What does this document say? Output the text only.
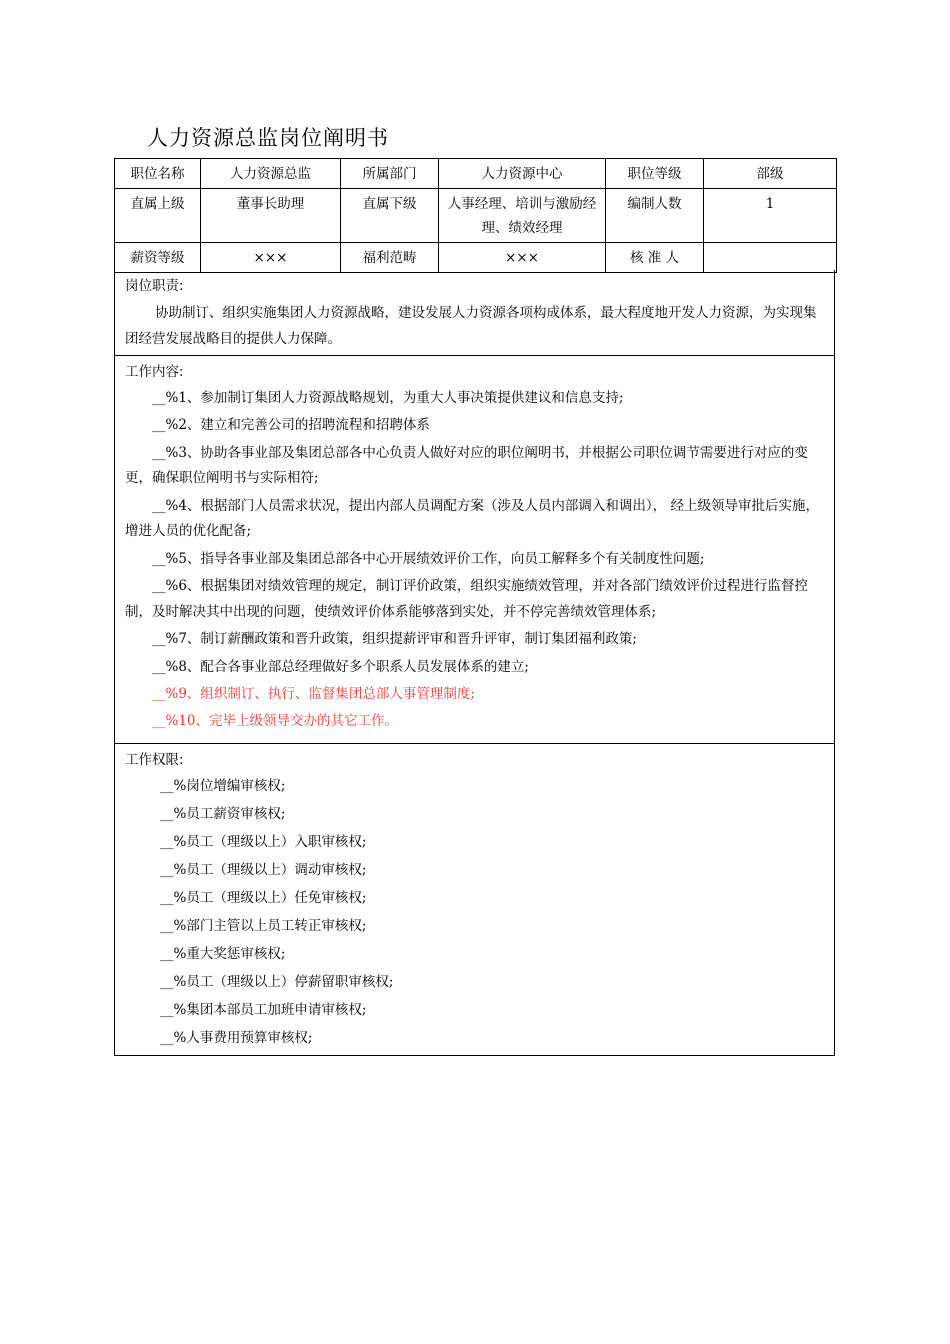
人力资源总监岗位阐明书
职位名称	人力资源总监	所属部门	人力资源中心	职位等级	部级
直属上级	董事长助理	直属下级	人事经理、培训与激励经理、绩效经理	编制人数	1
薪资等级	×××	福利范畴	×××	核 准 人	
岗位职责:
协助制订、组织实施集团人力资源战略，建设发展人力资源各项构成体系，最大程度地开发人力资源，为实现集团经营发展战略目的提供人力保障。
工作内容:
__%1、参加制订集团人力资源战略规划，为重大人事决策提供建议和信息支持;
__%2、建立和完善公司的招聘流程和招聘体系
__%3、协助各事业部及集团总部各中心负责人做好对应的职位阐明书，并根据公司职位调节需要进行对应的变更，确保职位阐明书与实际相符;
__%4、根据部门人员需求状况，提出内部人员调配方案（涉及人员内部调入和调出）， 经上级领导审批后实施，增进人员的优化配备;
__%5、指导各事业部及集团总部各中心开展绩效评价工作，向员工解释多个有关制度性问题;
__%6、根据集团对绩效管理的规定，制订评价政策，组织实施绩效管理，并对各部门绩效评价过程进行监督控制，及时解决其中出现的问题，使绩效评价体系能够落到实处，并不停完善绩效管理体系;
__%7、制订薪酬政策和晋升政策，组织提薪评审和晋升评审，制订集团福利政策;
__%8、配合各事业部总经理做好多个职系人员发展体系的建立;
__%9、组织制订、执行、监督集团总部人事管理制度;
__%10、完毕上级领导交办的其它工作。
工作权限:
__%岗位增编审核权;
__%员工薪资审核权;
__%员工（理级以上）入职审核权;
__%员工（理级以上）调动审核权;
__%员工（理级以上）任免审核权;
__%部门主管以上员工转正审核权;
__%重大奖惩审核权;
__%员工（理级以上）停薪留职审核权;
__%集团本部员工加班申请审核权;
__%人事费用预算审核权;
